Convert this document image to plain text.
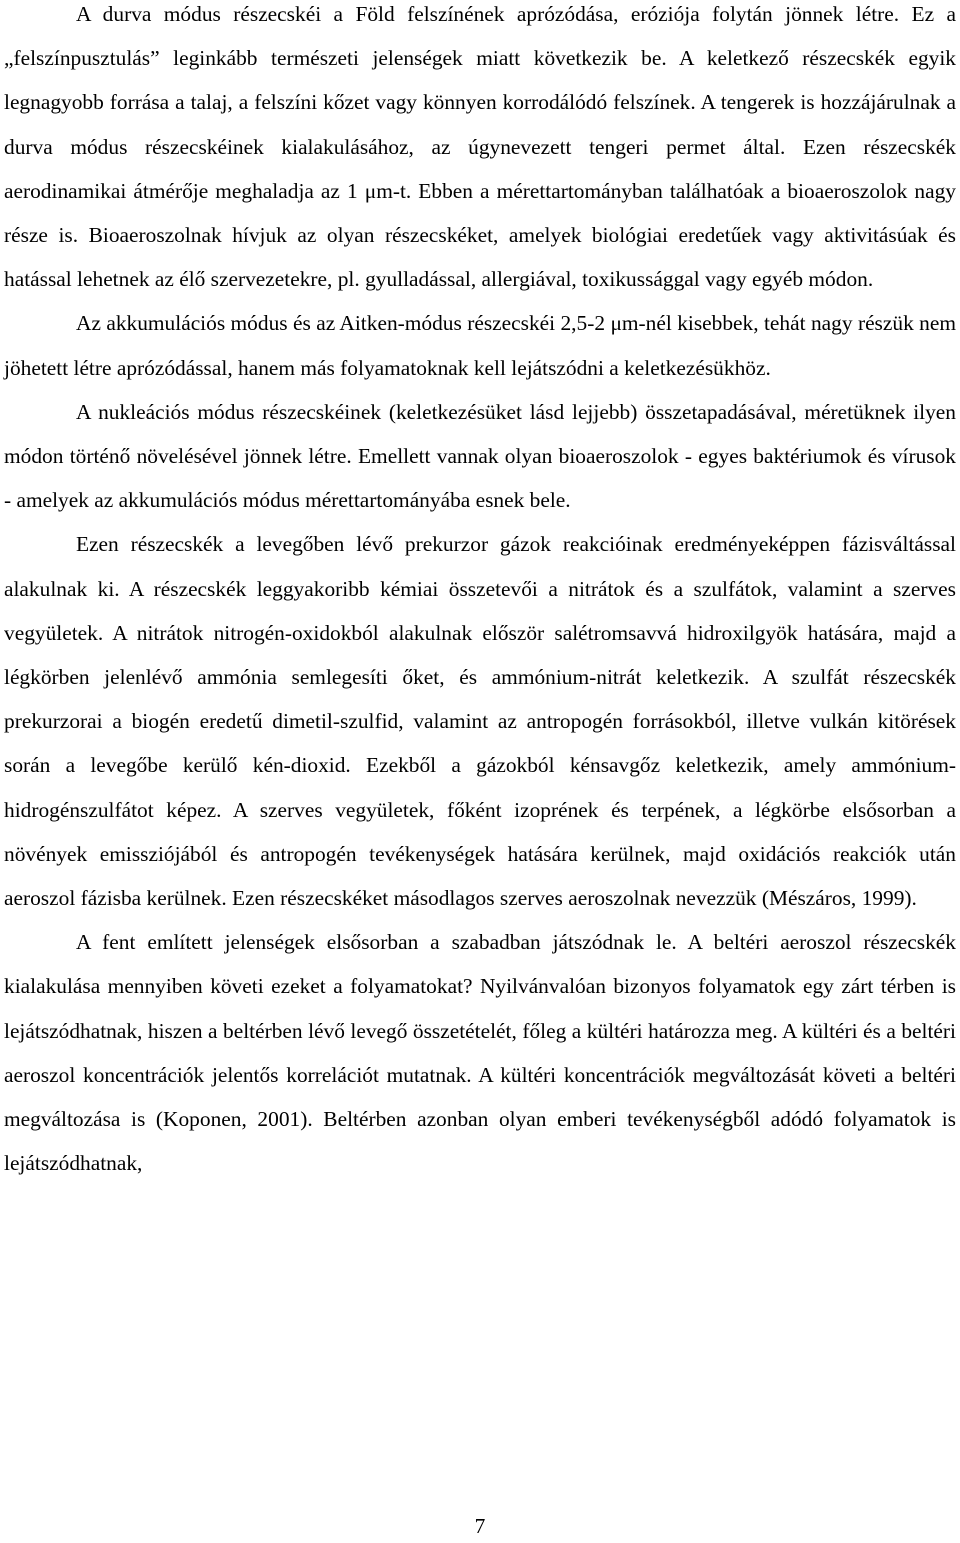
A durva módus részecskéi a Föld felszínének aprózódása, eróziója folytán jönnek létre. Ez a „felszínpusztulás” leginkább természeti jelenségek miatt következik be. A keletkező részecskék egyik legnagyobb forrása a talaj, a felszíni kőzet vagy könnyen korrodálódó felszínek. A tengerek is hozzájárulnak a durva módus részecskéinek kialakulásához, az úgynevezett tengeri permet által. Ezen részecskék aerodinamikai átmérője meghaladja az 1 μm-t. Ebben a mérettartományban találhatóak a bioaeroszolok nagy része is. Bioaeroszolnak hívjuk az olyan részecskéket, amelyek biológiai eredetűek vagy aktivitásúak és hatással lehetnek az élő szervezetekre, pl. gyulladással, allergiával, toxikussággal vagy egyéb módon.

Az akkumulációs módus és az Aitken-módus részecskéi 2,5-2 μm-nél kisebbek, tehát nagy részük nem jöhetett létre aprózódással, hanem más folyamatoknak kell lejátszódni a keletkezésükhöz.

A nukleációs módus részecskéinek (keletkezésüket lásd lejjebb) összetapadásával, méretüknek ilyen módon történő növelésével jönnek létre. Emellett vannak olyan bioaeroszolok - egyes baktériumok és vírusok - amelyek az akkumulációs módus mérettartományába esnek bele.

Ezen részecskék a levegőben lévő prekurzor gázok reakcióinak eredményeképpen fázisváltással alakulnak ki. A részecskék leggyakoribb kémiai összetevői a nitrátok és a szulfátok, valamint a szerves vegyületek. A nitrátok nitrogén-oxidokból alakulnak először salétromsavvá hidroxilgyök hatására, majd a légkörben jelenlévő ammónia semlegesíti őket, és ammónium-nitrát keletkezik. A szulfát részecskék prekurzorai a biogén eredetű dimetil-szulfid, valamint az antropogén forrásokból, illetve vulkán kitörések során a levegőbe kerülő kén-dioxid. Ezekből a gázokból kénsavgőz keletkezik, amely ammónium-hidrogénszulfátot képez. A szerves vegyületek, főként izoprének és terpének, a légkörbe elsősorban a növények emissziójából és antropogén tevékenységek hatására kerülnek, majd oxidációs reakciók után aeroszol fázisba kerülnek. Ezen részecskéket másodlagos szerves aeroszolnak nevezzük (Mészáros, 1999).

A fent említett jelenségek elsősorban a szabadban játszódnak le. A beltéri aeroszol részecskék kialakulása mennyiben követi ezeket a folyamatokat? Nyilvánvalóan bizonyos folyamatok egy zárt térben is lejátszódhatnak, hiszen a beltérben lévő levegő összetételét, főleg a kültéri határozza meg. A kültéri és a beltéri aeroszol koncentrációk jelentős korrelációt mutatnak. A kültéri koncentrációk megváltozását követi a beltéri megváltozása is (Koponen, 2001). Beltérben azonban olyan emberi tevékenységből adódó folyamatok is lejátszódhatnak,

7
